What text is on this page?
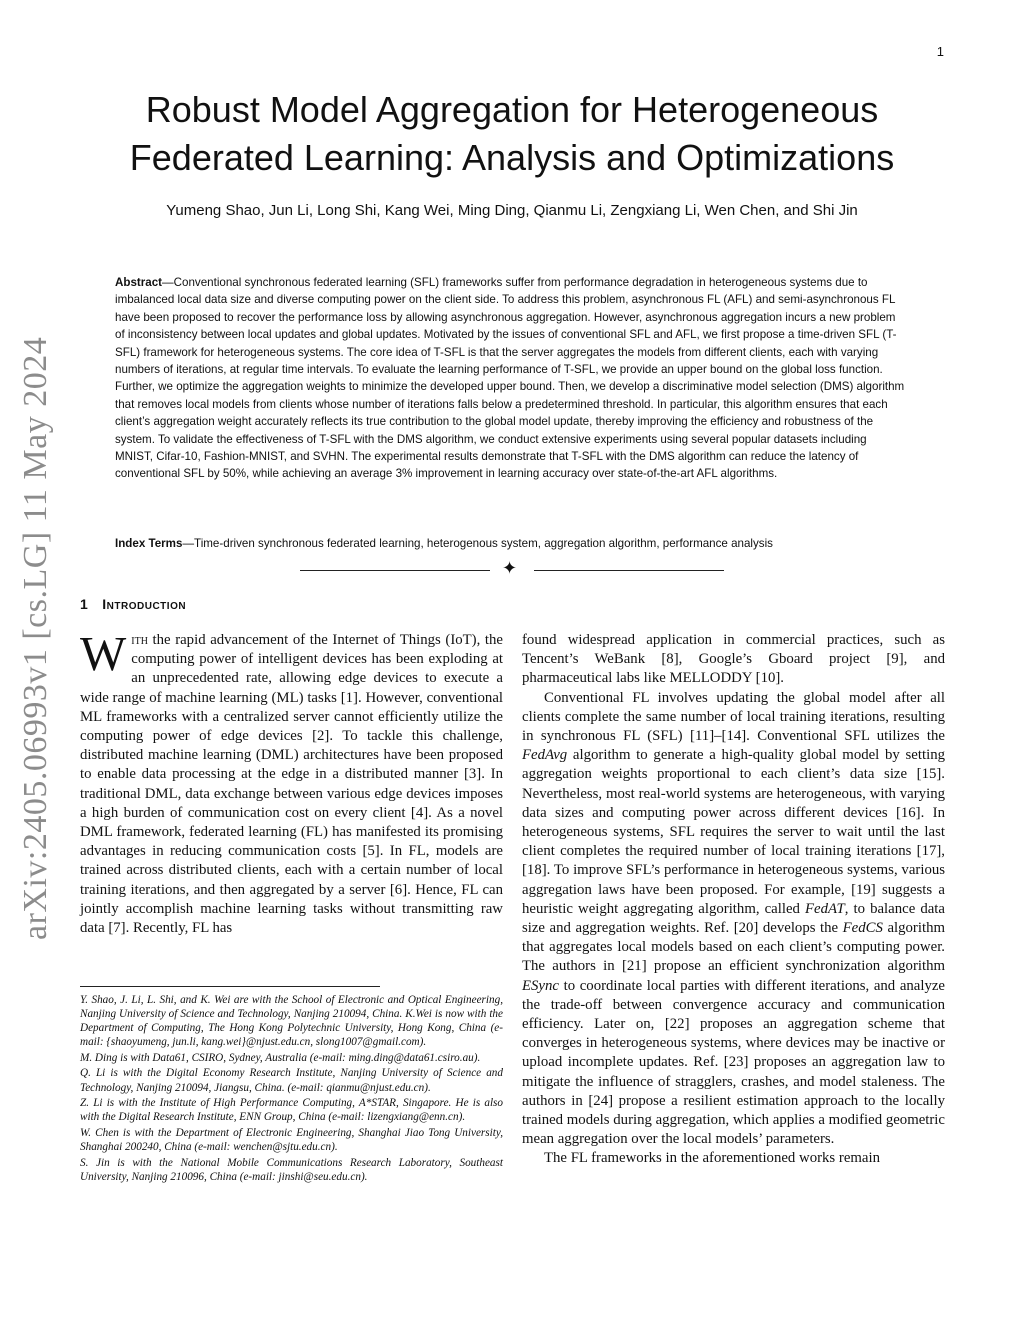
1
arXiv:2405.06993v1 [cs.LG] 11 May 2024
Robust Model Aggregation for Heterogeneous Federated Learning: Analysis and Optimizations
Yumeng Shao, Jun Li, Long Shi, Kang Wei, Ming Ding, Qianmu Li, Zengxiang Li, Wen Chen, and Shi Jin

Abstract—Conventional synchronous federated learning (SFL) frameworks suffer from performance degradation in heterogeneous systems due to imbalanced local data size and diverse computing power on the client side. To address this problem, asynchronous FL (AFL) and semi-asynchronous FL have been proposed to recover the performance loss by allowing asynchronous aggregation. However, asynchronous aggregation incurs a new problem of inconsistency between local updates and global updates. Motivated by the issues of conventional SFL and AFL, we first propose a time-driven SFL (T-SFL) framework for heterogeneous systems. The core idea of T-SFL is that the server aggregates the models from different clients, each with varying numbers of iterations, at regular time intervals. To evaluate the learning performance of T-SFL, we provide an upper bound on the global loss function. Further, we optimize the aggregation weights to minimize the developed upper bound. Then, we develop a discriminative model selection (DMS) algorithm that removes local models from clients whose number of iterations falls below a predetermined threshold. In particular, this algorithm ensures that each client’s aggregation weight accurately reflects its true contribution to the global model update, thereby improving the efficiency and robustness of the system. To validate the effectiveness of T-SFL with the DMS algorithm, we conduct extensive experiments using several popular datasets including MNIST, Cifar-10, Fashion-MNIST, and SVHN. The experimental results demonstrate that T-SFL with the DMS algorithm can reduce the latency of conventional SFL by 50%, while achieving an average 3% improvement in learning accuracy over state-of-the-art AFL algorithms.

Index Terms—Time-driven synchronous federated learning, heterogenous system, aggregation algorithm, performance analysis

✦
1 Introduction

With the rapid advancement of the Internet of Things (IoT), the computing power of intelligent devices has been exploding at an unprecedented rate, allowing edge devices to execute a wide range of machine learning (ML) tasks [1]. However, conventional ML frameworks with a centralized server cannot efficiently utilize the computing power of edge devices [2]. To tackle this challenge, distributed machine learning (DML) architectures have been proposed to enable data processing at the edge in a distributed manner [3]. In traditional DML, data exchange between various edge devices imposes a high burden of communication cost on every client [4]. As a novel DML framework, federated learning (FL) has manifested its promising advantages in reducing communication costs [5]. In FL, models are trained across distributed clients, each with a certain number of local training iterations, and then aggregated by a server [6]. Hence, FL can jointly accomplish machine learning tasks without transmitting raw data [7]. Recently, FL has

Y. Shao, J. Li, L. Shi, and K. Wei are with the School of Electronic and Optical Engineering, Nanjing University of Science and Technology, Nanjing 210094, China. K.Wei is now with the Department of Computing, The Hong Kong Polytechnic University, Hong Kong, China (e-mail: {shaoyumeng, jun.li, kang.wei}@njust.edu.cn, slong1007@gmail.com).

M. Ding is with Data61, CSIRO, Sydney, Australia (e-mail: ming.ding@data61.csiro.au).

Q. Li is with the Digital Economy Research Institute, Nanjing University of Science and Technology, Nanjing 210094, Jiangsu, China. (e-mail: qianmu@njust.edu.cn).

Z. Li is with the Institute of High Performance Computing, A*STAR, Singapore. He is also with the Digital Research Institute, ENN Group, China (e-mail: lizengxiang@enn.cn).

W. Chen is with the Department of Electronic Engineering, Shanghai Jiao Tong University, Shanghai 200240, China (e-mail: wenchen@sjtu.edu.cn).

S. Jin is with the National Mobile Communications Research Laboratory, Southeast University, Nanjing 210096, China (e-mail: jinshi@seu.edu.cn).

found widespread application in commercial practices, such as Tencent’s WeBank [8], Google’s Gboard project [9], and pharmaceutical labs like MELLODDY [10].

Conventional FL involves updating the global model after all clients complete the same number of local training iterations, resulting in synchronous FL (SFL) [11]–[14]. Conventional SFL utilizes the FedAvg algorithm to generate a high-quality global model by setting aggregation weights proportional to each client’s data size [15]. Nevertheless, most real-world systems are heterogeneous, with varying data sizes and computing power across different devices [16]. In heterogeneous systems, SFL requires the server to wait until the last client completes the required number of local training iterations [17], [18]. To improve SFL’s performance in heterogeneous systems, various aggregation laws have been proposed. For example, [19] suggests a heuristic weight aggregating algorithm, called FedAT, to balance data size and aggregation weights. Ref. [20] develops the FedCS algorithm that aggregates local models based on each client’s computing power. The authors in [21] propose an efficient synchronization algorithm ESync to coordinate local parties with different iterations, and analyze the trade-off between convergence accuracy and communication efficiency. Later on, [22] proposes an aggregation scheme that converges in heterogeneous systems, where devices may be inactive or upload incomplete updates. Ref. [23] proposes an aggregation law to mitigate the influence of stragglers, crashes, and model staleness. The authors in [24] propose a resilient estimation approach to the locally trained models during aggregation, which applies a modified geometric mean aggregation over the local models’ parameters.

The FL frameworks in the aforementioned works remain
